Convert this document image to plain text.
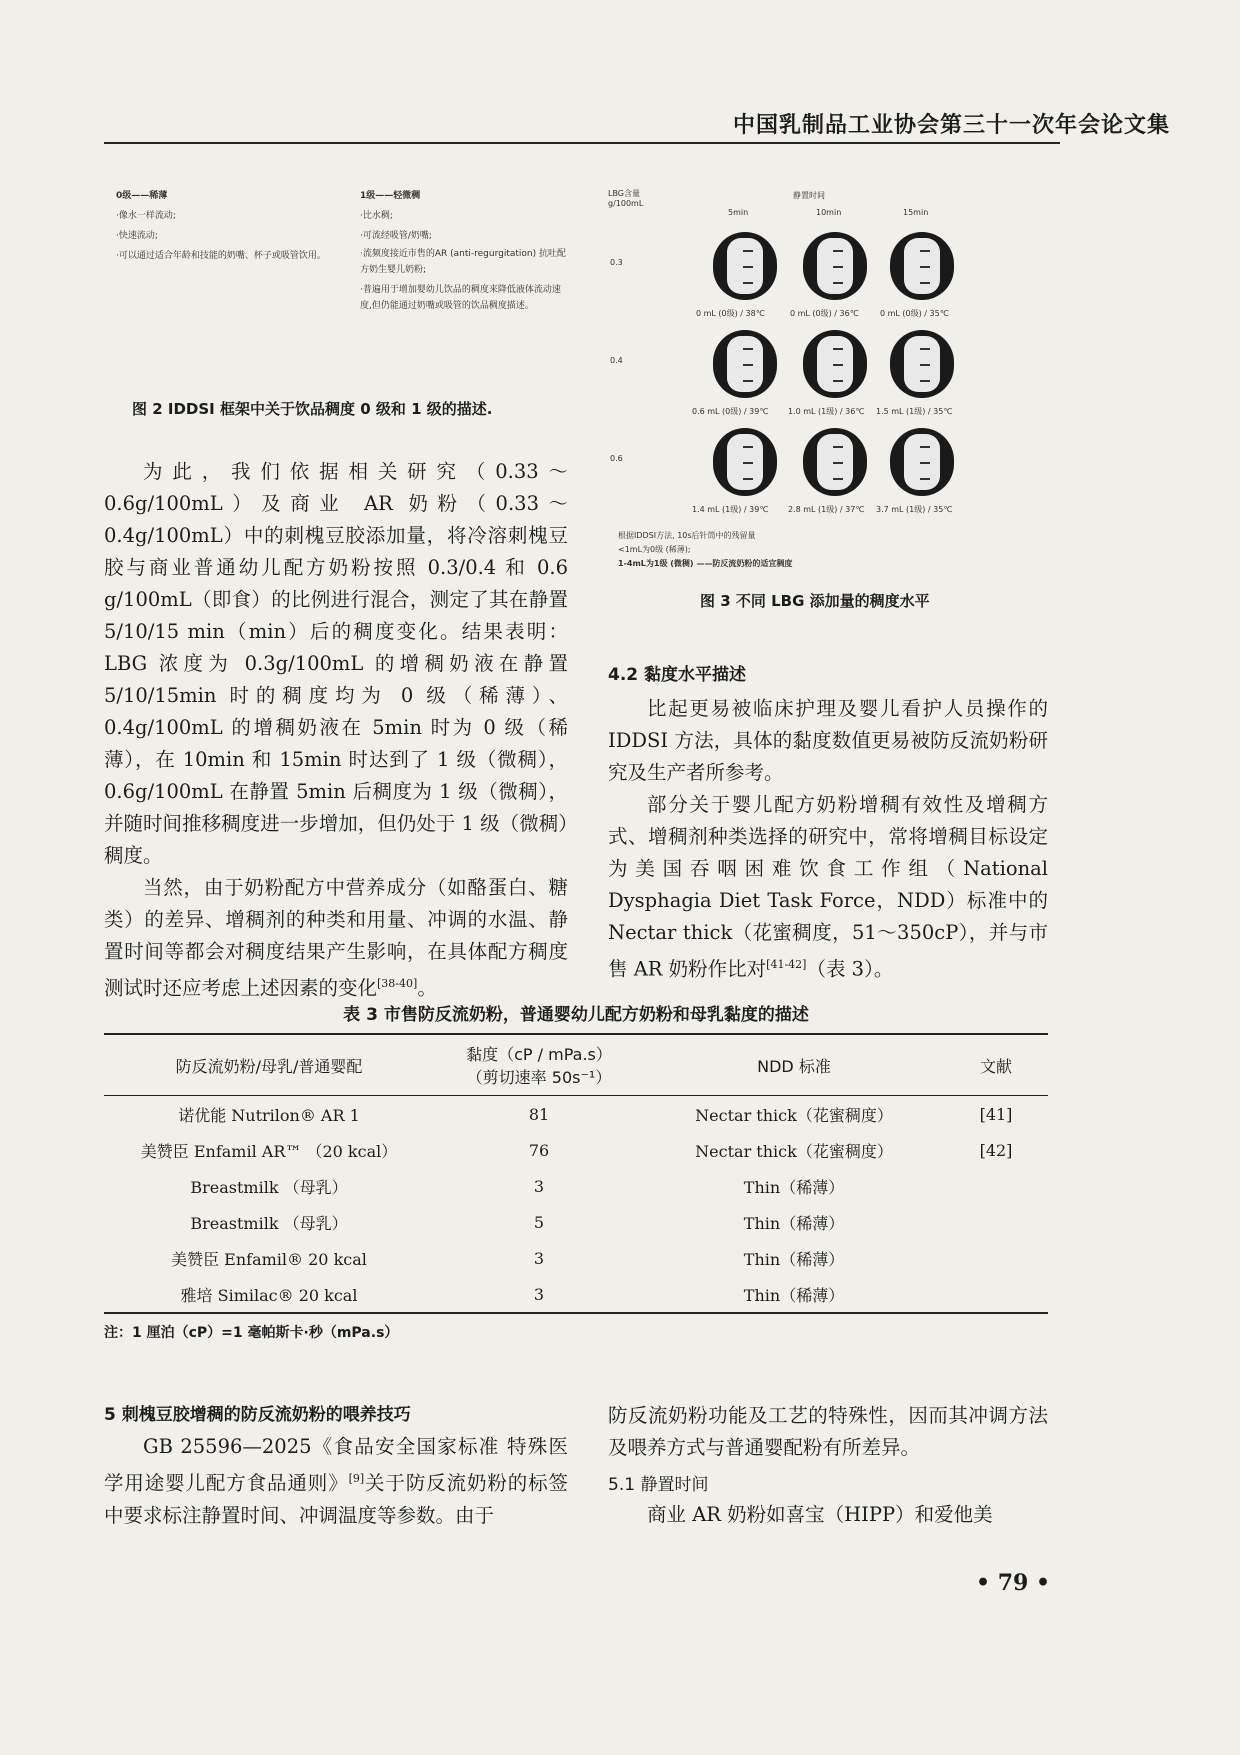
中国乳制品工业协会第三十一次年会论文集
0级——稀薄
·像水一样流动;
·快速流动;
·可以通过适合年龄和技能的奶嘴、杯子或吸管饮用。
1级——轻微稠
·比水稠;
·可流经吸管/奶嘴;
·流频度接近市售的AR (anti-regurgitation) 抗吐配方奶生婴儿奶粉;
·普遍用于增加婴幼儿饮品的稠度来降低液体流动速度,但仍能通过奶嘴或吸管的饮品稠度描述。
图 2 IDDSI 框架中关于饮品稠度 0 级和 1 级的描述.
LBG含量
g/100mL
静置时间
5min	10min	15min
0.3
0 mL (0级) / 38℃	0 mL (0级) / 36℃	0 mL (0级) / 35℃
0.4
0.6 mL (0级) / 39℃ 1.0 mL (1级) / 36℃ 1.5 mL (1级) / 35℃
0.6
1.4 mL (1级) / 39℃ 2.8 mL (1级) / 37℃ 3.7 mL (1级) / 35℃
根据IDDSI方法, 10s后针筒中的残留量
<1mL为0级 (稀薄);
1-4mL为1级 (微稠) ——防反流奶粉的适宜稠度
图 3 不同 LBG 添加量的稠度水平

为此，我们依据相关研究（0.33～0.6g/100mL）及商业 AR 奶粉（0.33～0.4g/100mL）中的刺槐豆胶添加量，将冷溶刺槐豆胶与商业普通幼儿配方奶粉按照 0.3/0.4 和 0.6 g/100mL（即食）的比例进行混合，测定了其在静置 5/10/15 min（min）后的稠度变化。结果表明：LBG 浓度为 0.3g/100mL 的增稠奶液在静置 5/10/15min 时的稠度均为 0 级（稀薄）、0.4g/100mL 的增稠奶液在 5min 时为 0 级（稀薄），在 10min 和 15min 时达到了 1 级（微稠），0.6g/100mL 在静置 5min 后稠度为 1 级（微稠），并随时间推移稠度进一步增加，但仍处于 1 级（微稠）稠度。

当然，由于奶粉配方中营养成分（如酪蛋白、糖类）的差异、增稠剂的种类和用量、冲调的水温、静置时间等都会对稠度结果产生影响，在具体配方稠度测试时还应考虑上述因素的变化[38-40]。

4.2 黏度水平描述

比起更易被临床护理及婴儿看护人员操作的 IDDSI 方法，具体的黏度数值更易被防反流奶粉研究及生产者所参考。

部分关于婴儿配方奶粉增稠有效性及增稠方式、增稠剂种类选择的研究中，常将增稠目标设定为美国吞咽困难饮食工作组（National Dysphagia Diet Task Force，NDD）标准中的 Nectar thick（花蜜稠度，51～350cP），并与市售 AR 奶粉作比对[41-42]（表 3）。

表 3 市售防反流奶粉，普通婴幼儿配方奶粉和母乳黏度的描述
防反流奶粉/母乳/普通婴配	黏度（cP / mPa.s）
（剪切速率 50s⁻¹）	NDD 标准	文献
诺优能 Nutrilon® AR 1	81	Nectar thick（花蜜稠度）	[41]
美赞臣 Enfamil AR™ （20 kcal）	76	Nectar thick（花蜜稠度）	[42]
Breastmilk （母乳）	3	Thin（稀薄）	
Breastmilk （母乳）	5	Thin（稀薄）	
美赞臣 Enfamil® 20 kcal	3	Thin（稀薄）	
雅培 Similac® 20 kcal	3	Thin（稀薄）	
注：1 厘泊（cP）=1 毫帕斯卡·秒（mPa.s）
5 刺槐豆胶增稠的防反流奶粉的喂养技巧

GB 25596—2025《食品安全国家标准 特殊医学用途婴儿配方食品通则》[9]关于防反流奶粉的标签中要求标注静置时间、冲调温度等参数。由于

防反流奶粉功能及工艺的特殊性，因而其冲调方法及喂养方式与普通婴配粉有所差异。

5.1 静置时间

商业 AR 奶粉如喜宝（HIPP）和爱他美

• 79 •
